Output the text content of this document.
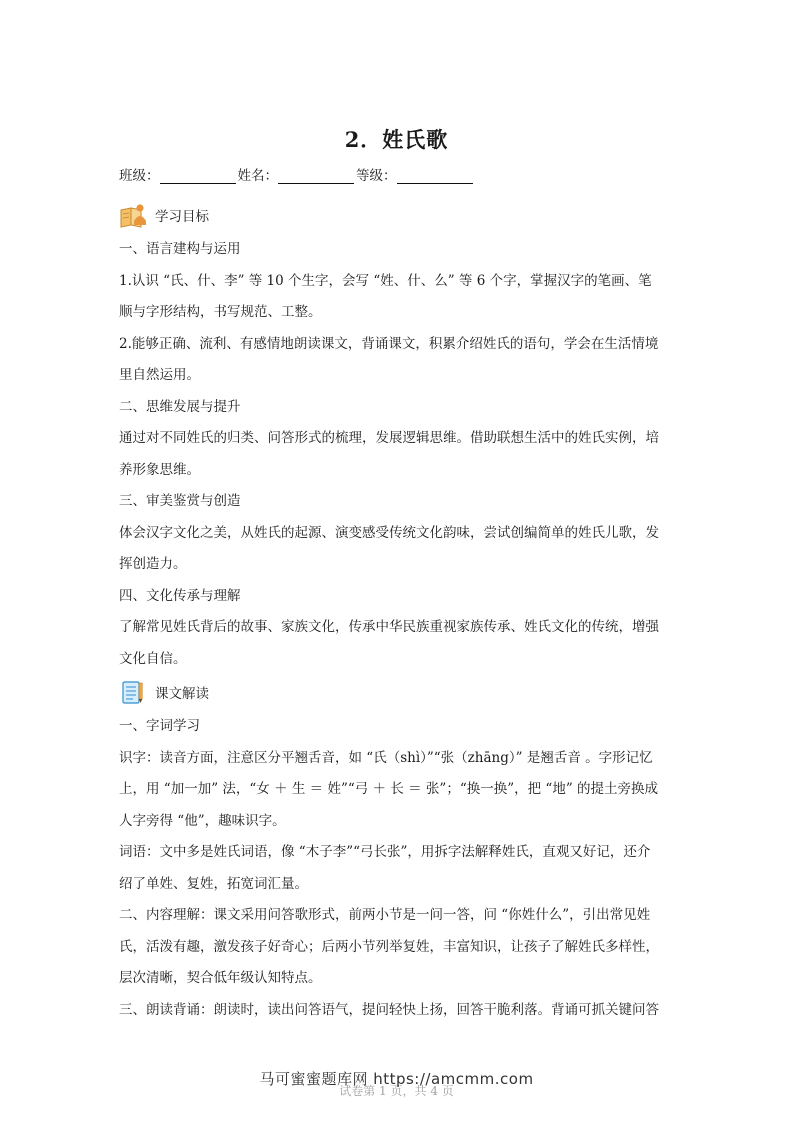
2．姓氏歌
班级：	姓名：	等级：
学习目标
一、语言建构与运用
1.认识 “氏、什、李” 等 10 个生字，会写 “姓、什、么” 等 6 个字，掌握汉字的笔画、笔
顺与字形结构，书写规范、工整。
2.能够正确、流利、有感情地朗读课文，背诵课文，积累介绍姓氏的语句，学会在生活情境
里自然运用。
二、思维发展与提升
通过对不同姓氏的归类、问答形式的梳理，发展逻辑思维。借助联想生活中的姓氏实例，培
养形象思维。
三、审美鉴赏与创造
体会汉字文化之美，从姓氏的起源、演变感受传统文化韵味，尝试创编简单的姓氏儿歌，发
挥创造力。
四、文化传承与理解
了解常见姓氏背后的故事、家族文化，传承中华民族重视家族传承、姓氏文化的传统，增强
文化自信。
课文解读
一、字词学习
识字：读音方面，注意区分平翘舌音，如 “氏（shì）”“张（zhāng）” 是翘舌音 。字形记忆
上，用 “加一加” 法，“女 ＋ 生 ＝ 姓”“弓 ＋ 长 ＝ 张”；“换一换”，把 “地” 的提土旁换成
人字旁得 “他”，趣味识字。
词语：文中多是姓氏词语，像 “木子李”“弓长张”，用拆字法解释姓氏，直观又好记，还介
绍了单姓、复姓，拓宽词汇量。
二、内容理解：课文采用问答歌形式，前两小节是一问一答，问 “你姓什么”，引出常见姓
氏，活泼有趣，激发孩子好奇心；后两小节列举复姓，丰富知识，让孩子了解姓氏多样性，
层次清晰，契合低年级认知特点。
三、朗读背诵：朗读时，读出问答语气，提问轻快上扬，回答干脆利落。背诵可抓关键问答
试卷第 1 页，共 4 页
马可蜜蜜题库网 https://amcmm.com
